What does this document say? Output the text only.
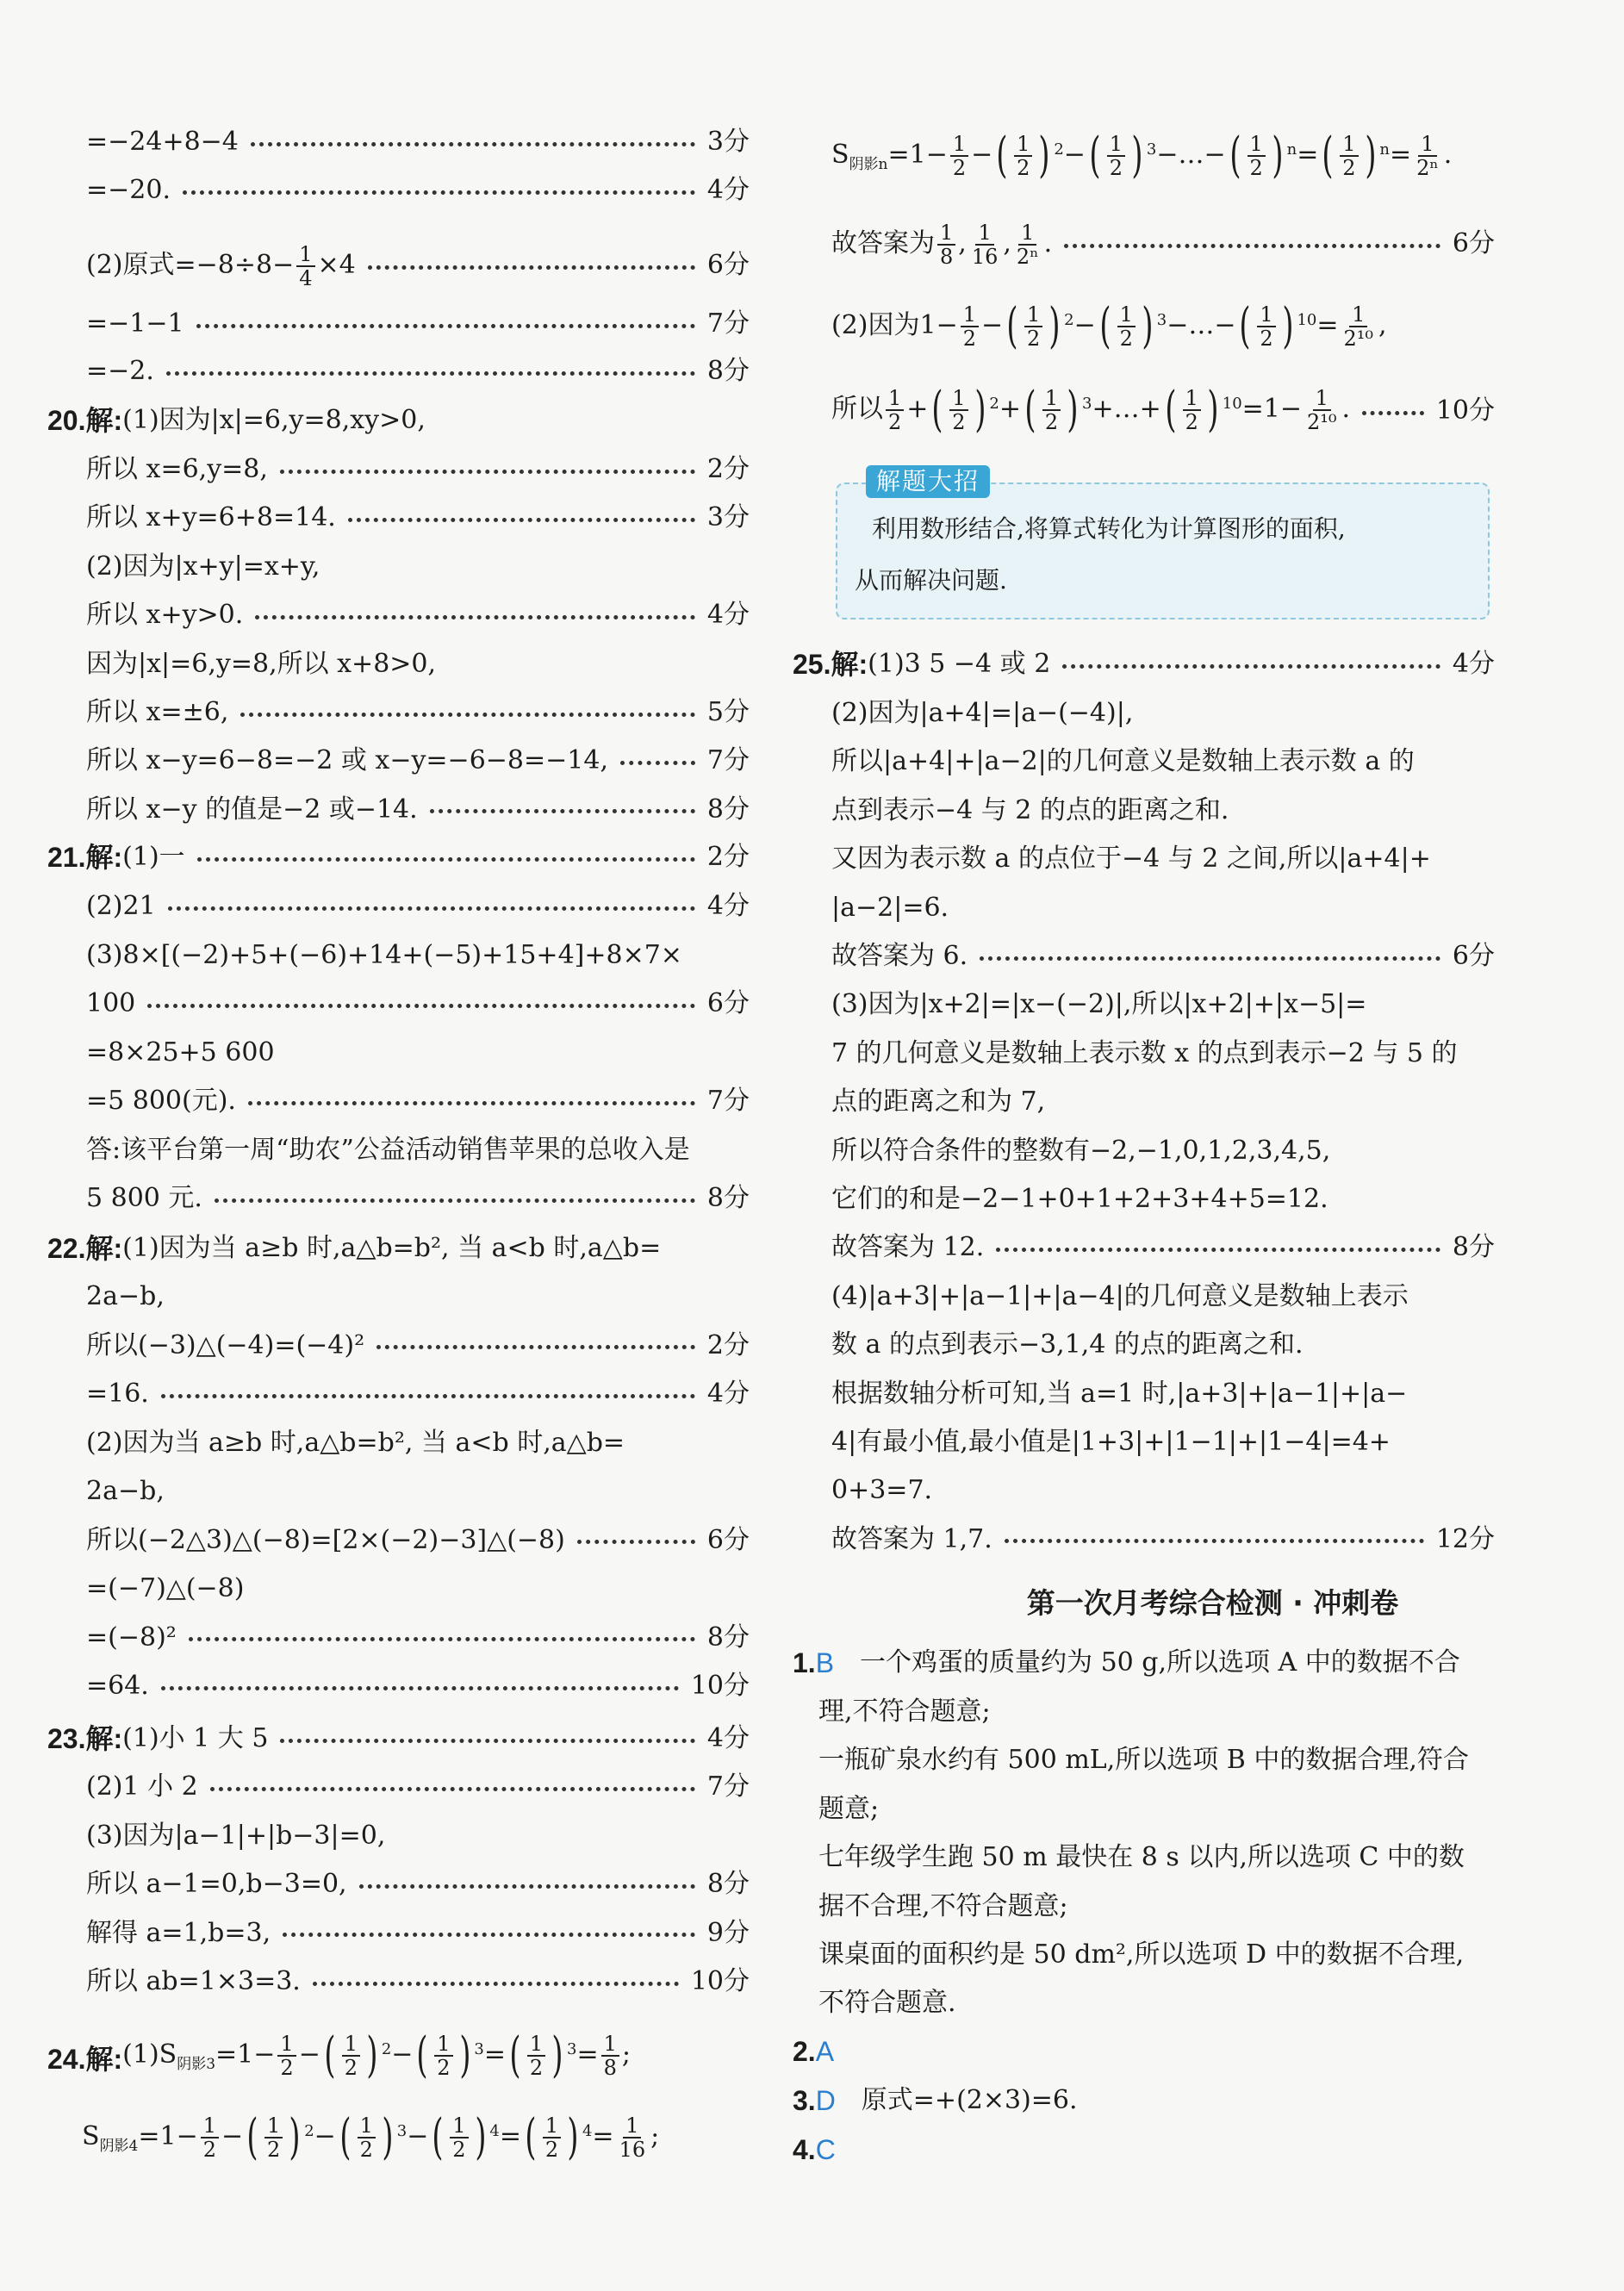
=−24+8−4	3分
=−20.	4分
(2)原式$=-8\div 8- \frac{1}{4} \times 4$	6分
=−1−1	7分
=−2.	8分
20. 解: (1)因为|x|=6,y=8,xy>0,
所以 x=6,y=8,	2分
所以 x+y=6+8=14.	3分
(2)因为|x+y|=x+y,
所以 x+y>0.	4分
因为|x|=6,y=8,所以 x+8>0,
所以 x=±6,	5分
所以 x−y=6−8=−2 或 x−y=−6−8=−14,	7分
所以 x−y 的值是−2 或−14.	8分
21. 解: (1)一	2分
(2)21	4分
(3)8×[(−2)+5+(−6)+14+(−5)+15+4]+8×7×
100	6分
=8×25+5 600
=5 800(元).	7分
答:该平台第一周“助农”公益活动销售苹果的总收入是
5 800 元.	8分
22. 解: (1)因为当 a≥b 时,a△b=b², 当 a<b 时,a△b=
2a−b,
所以(−3)△(−4)=(−4)²	2分
=16.	4分
(2)因为当 a≥b 时,a△b=b², 当 a<b 时,a△b=
2a−b,
所以(−2△3)△(−8)=[2×(−2)−3]△(−8)	6分
=(−7)△(−8)
=(−8)²	8分
=64.	10分
23. 解: (1)小 1 大 5	4分
(2)1 小 2	7分
(3)因为|a−1|+|b−3|=0,
所以 a−1=0,b−3=0,	8分
解得 a=1,b=3,	9分
所以 ab=1×3=3.	10分
24. 解: $(1)S_{阴影3}=1- \frac{1}{2}$ − ( $\frac{1}{2}$ ) $^2$− ( $\frac{1}{2}$ ) $^3$= ( $\frac{1}{2}$ ) $^3= \frac{1}{8}$ ;
$S_{阴影4}=1- \frac{1}{2}$ − ( $\frac{1}{2}$ ) $^2$− ( $\frac{1}{2}$ ) $^3$− ( $\frac{1}{2}$ ) $^4$= ( $\frac{1}{2}$ ) $^4= \frac{1}{16}$ ;
$S_{阴影n}=1- \frac{1}{2}$ − ( $\frac{1}{2}$ ) $^2$− ( $\frac{1}{2}$ ) $^3$−…− ( $\frac{1}{2}$ ) $^n$= ( $\frac{1}{2}$ ) $^n= \frac{1}{\text{2ⁿ}}$ .
故答案为 $\frac{1}{8}$ , $\frac{1}{16}$ , $\frac{1}{\text{2ⁿ}}$ .	6分
(2)因为$1- \frac{1}{2}$ − ( $\frac{1}{2}$ ) $^2$− ( $\frac{1}{2}$ ) $^3$−…− ( $\frac{1}{2}$ ) $^{10}= \frac{1}{\text{2¹⁰}}$ ,
所以 $\frac{1}{2}$ + ( $\frac{1}{2}$ ) $^2$+ ( $\frac{1}{2}$ ) $^3$+…+ ( $\frac{1}{2}$ ) $^{10}=1- \frac{1}{\text{2¹⁰}}$ .	10分
利用数形结合,将算式转化为计算图形的面积,
从而解决问题.
解题大招
25. 解: (1)3 5 −4 或 2	4分
(2)因为|a+4|=|a−(−4)|,
所以|a+4|+|a−2|的几何意义是数轴上表示数 a 的
点到表示−4 与 2 的点的距离之和.
又因为表示数 a 的点位于−4 与 2 之间,所以|a+4|+
|a−2|=6.
故答案为 6.	6分
(3)因为|x+2|=|x−(−2)|,所以|x+2|+|x−5|=
7 的几何意义是数轴上表示数 x 的点到表示−2 与 5 的
点的距离之和为 7,
所以符合条件的整数有−2,−1,0,1,2,3,4,5,
它们的和是−2−1+0+1+2+3+4+5=12.
故答案为 12.	8分
(4)|a+3|+|a−1|+|a−4|的几何意义是数轴上表示
数 a 的点到表示−3,1,4 的点的距离之和.
根据数轴分析可知,当 a=1 时,|a+3|+|a−1|+|a−
4|有最小值,最小值是|1+3|+|1−1|+|1−4|=4+
0+3=7.
故答案为 1,7.	12分
第一次月考综合检测 · 冲刺卷
1. B 一个鸡蛋的质量约为 50 g,所以选项 A 中的数据不合
理,不符合题意;
一瓶矿泉水约有 500 mL,所以选项 B 中的数据合理,符合
题意;
七年级学生跑 50 m 最快在 8 s 以内,所以选项 C 中的数
据不合理,不符合题意;
课桌面的面积约是 50 dm²,所以选项 D 中的数据不合理,
不符合题意.
2. A
3. D 原式=+(2×3)=6.
4. C
